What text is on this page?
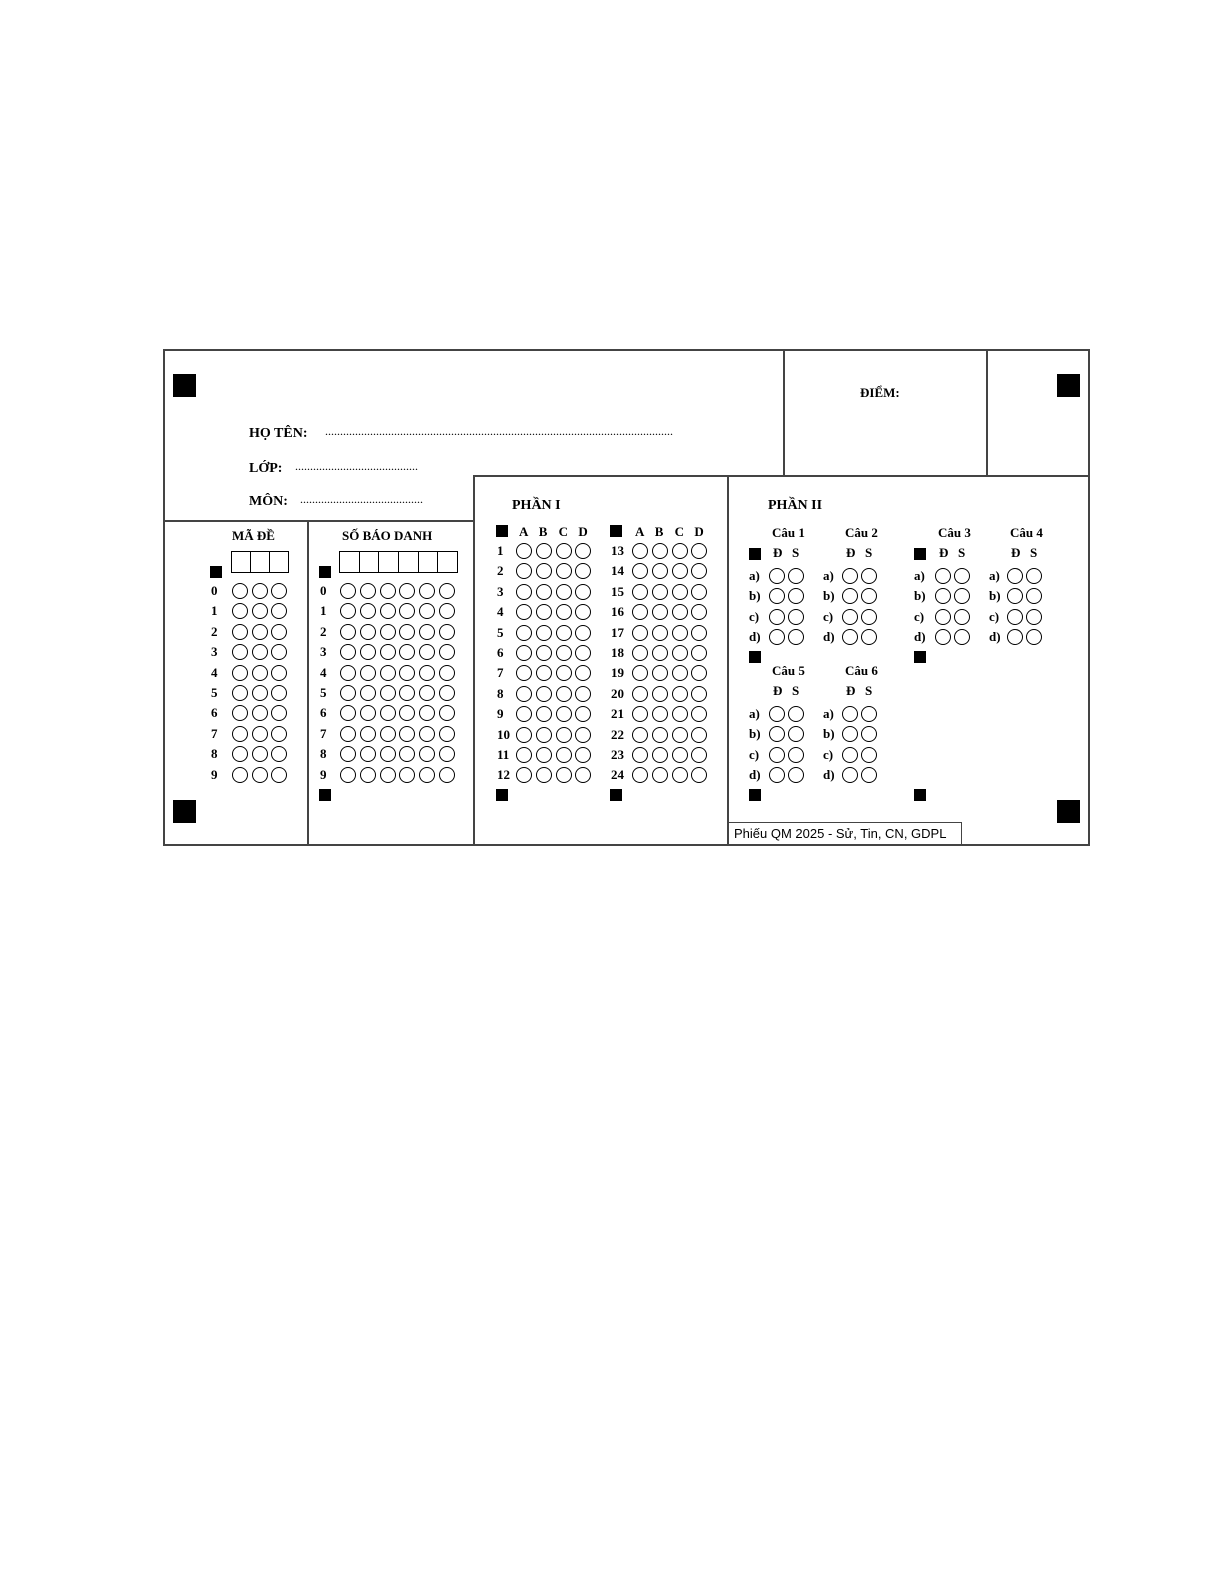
HỌ TÊN: ....................................................................................................................
LỚP: .........................................
MÔN: .........................................
ĐIỂM:
MÃ ĐỀ	SỐ BÁO DANH
PHẦN I	PHẦN II
0
1
2
3
4
5
6
7
8
9
0
1
2
3
4
5
6
7
8
9
A B C D
1
2
3
4
5
6
7
8
9
10
11
12
A B C D
13
14
15
16
17
18
19
20
21
22
23
24
Câu 1
Đ S
a)
b)
c)
d)
Câu 2
Đ S
a)
b)
c)
d)
Câu 3
Đ S
a)
b)
c)
d)
Câu 4
Đ S
a)
b)
c)
d)
Câu 5
Đ S
a)
b)
c)
d)
Câu 6
Đ S
a)
b)
c)
d)
Phiếu QM 2025 - Sử, Tin, CN, GDPL
